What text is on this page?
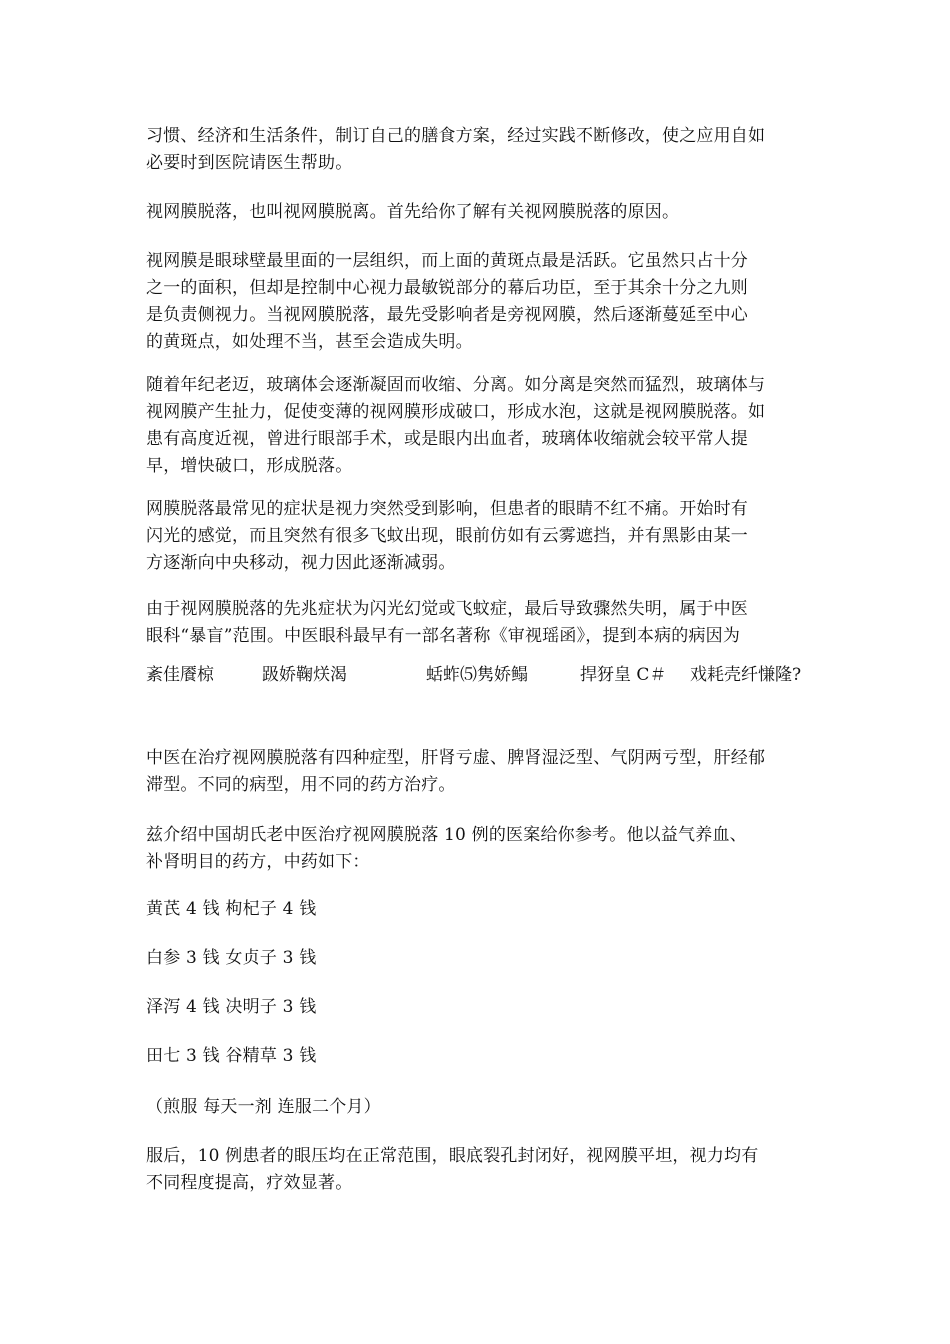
习惯、经济和生活条件，制订自己的膳食方案，经过实践不断修改，使之应用自如
必要时到医院请医生帮助。
视网膜脱落，也叫视网膜脱离。首先给你了解有关视网膜脱落的原因。
视网膜是眼球壁最里面的一层组织，而上面的黄斑点最是活跃。它虽然只占十分
之一的面积，但却是控制中心视力最敏锐部分的幕后功臣，至于其余十分之九则
是负责侧视力。当视网膜脱落，最先受影响者是旁视网膜，然后逐渐蔓延至中心
的黄斑点，如处理不当，甚至会造成失明。
随着年纪老迈，玻璃体会逐渐凝固而收缩、分离。如分离是突然而猛烈，玻璃体与
视网膜产生扯力，促使变薄的视网膜形成破口，形成水泡，这就是视网膜脱落。如
患有高度近视，曾进行眼部手术，或是眼内出血者，玻璃体收缩就会较平常人提
早，增快破口，形成脱落。
网膜脱落最常见的症状是视力突然受到影响，但患者的眼睛不红不痛。开始时有
闪光的感觉，而且突然有很多飞蚊出现，眼前仿如有云雾遮挡，并有黑影由某一
方逐渐向中央移动，视力因此逐渐减弱。
由于视网膜脱落的先兆症状为闪光幻觉或飞蚊症，最后导致骤然失明，属于中医
眼科“暴盲”范围。中医眼科最早有一部名著称《审视瑶函》，提到本病的病因为
紊佳餍椋	趿娇鞠烪渴	蛞蚱⑸隽娇鳎	捍犽皇 C＃ 戏耗壳纤慊隆?
中医在治疗视网膜脱落有四种症型，肝肾亏虚、脾肾湿泛型、气阴两亏型，肝经郁
滞型。不同的病型，用不同的药方治疗。
兹介绍中国胡氏老中医治疗视网膜脱落 10 例的医案给你参考。他以益气养血、
补肾明目的药方，中药如下：
黄芪 4 钱 枸杞子 4 钱
白参 3 钱 女贞子 3 钱
泽泻 4 钱 决明子 3 钱
田七 3 钱 谷精草 3 钱
（煎服 每天一剂 连服二个月）
服后，10 例患者的眼压均在正常范围，眼底裂孔封闭好，视网膜平坦，视力均有
不同程度提高，疗效显著。
